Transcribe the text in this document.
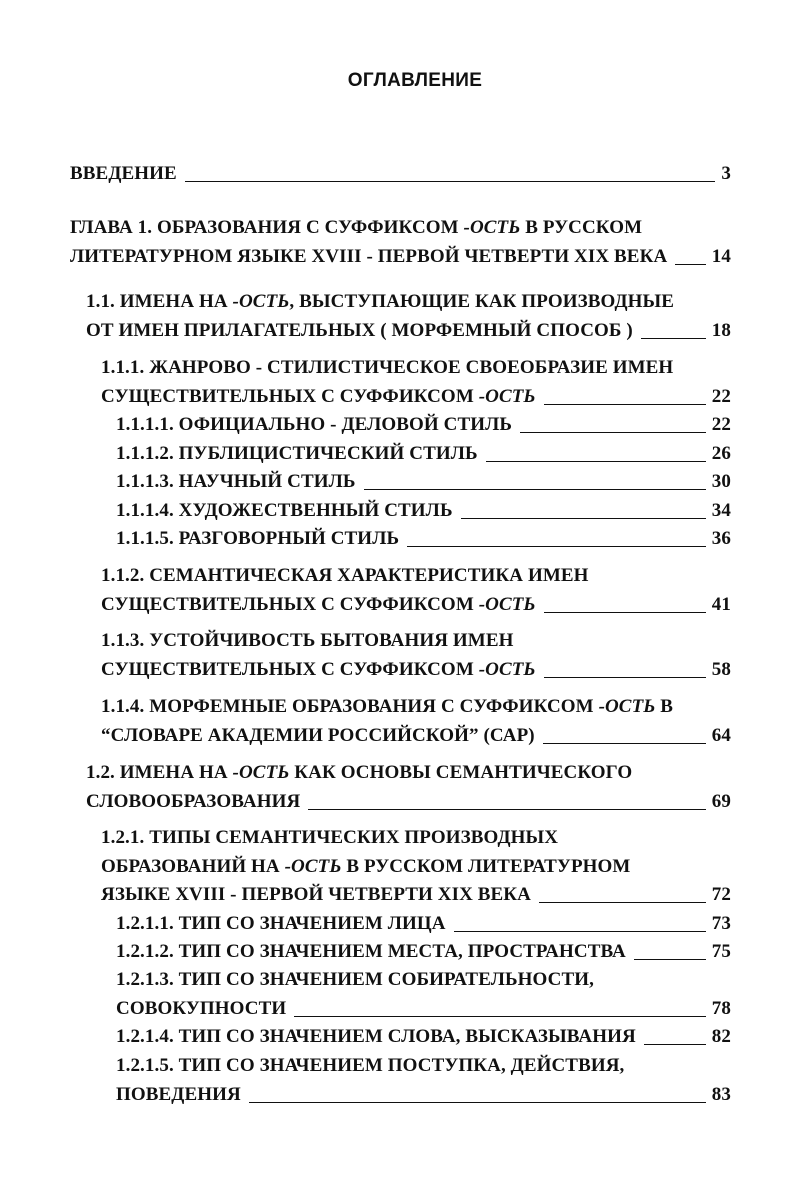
ОГЛАВЛЕНИЕ
ВВЕДЕНИЕ	3
ГЛАВА 1. ОБРАЗОВАНИЯ С СУФФИКСОМ -ОСТЬ В РУССКОМ
ЛИТЕРАТУРНОМ ЯЗЫКЕ XVIII - ПЕРВОЙ ЧЕТВЕРТИ XIX ВЕКА 14
1.1. ИМЕНА НА -ОСТЬ, ВЫСТУПАЮЩИЕ КАК ПРОИЗВОДНЫЕ
ОТ ИМЕН ПРИЛАГАТЕЛЬНЫХ ( МОРФЕМНЫЙ СПОСОБ )	18
1.1.1. ЖАНРОВО - СТИЛИСТИЧЕСКОЕ СВОЕОБРАЗИЕ ИМЕН
СУЩЕСТВИТЕЛЬНЫХ С СУФФИКСОМ -ОСТЬ	22
1.1.1.1. ОФИЦИАЛЬНО - ДЕЛОВОЙ СТИЛЬ	22
1.1.1.2. ПУБЛИЦИСТИЧЕСКИЙ СТИЛЬ	26
1.1.1.3. НАУЧНЫЙ СТИЛЬ	30
1.1.1.4. ХУДОЖЕСТВЕННЫЙ СТИЛЬ	34
1.1.1.5. РАЗГОВОРНЫЙ СТИЛЬ	36
1.1.2. СЕМАНТИЧЕСКАЯ ХАРАКТЕРИСТИКА ИМЕН
СУЩЕСТВИТЕЛЬНЫХ С СУФФИКСОМ -ОСТЬ	41
1.1.3. УСТОЙЧИВОСТЬ БЫТОВАНИЯ ИМЕН
СУЩЕСТВИТЕЛЬНЫХ С СУФФИКСОМ -ОСТЬ	58
1.1.4. МОРФЕМНЫЕ ОБРАЗОВАНИЯ С СУФФИКСОМ -ОСТЬ В
“СЛОВАРЕ АКАДЕМИИ РОССИЙСКОЙ” (САР)	64
1.2. ИМЕНА НА -ОСТЬ КАК ОСНОВЫ СЕМАНТИЧЕСКОГО
СЛОВООБРАЗОВАНИЯ	69
1.2.1. ТИПЫ СЕМАНТИЧЕСКИХ ПРОИЗВОДНЫХ
ОБРАЗОВАНИЙ НА -ОСТЬ В РУССКОМ ЛИТЕРАТУРНОМ
ЯЗЫКЕ XVIII - ПЕРВОЙ ЧЕТВЕРТИ XIX ВЕКА	72
1.2.1.1. ТИП СО ЗНАЧЕНИЕМ ЛИЦА	73
1.2.1.2. ТИП СО ЗНАЧЕНИЕМ МЕСТА, ПРОСТРАНСТВА	75
1.2.1.3. ТИП СО ЗНАЧЕНИЕМ СОБИРАТЕЛЬНОСТИ,
СОВОКУПНОСТИ	78
1.2.1.4. ТИП СО ЗНАЧЕНИЕМ СЛОВА, ВЫСКАЗЫВАНИЯ	82
1.2.1.5. ТИП СО ЗНАЧЕНИЕМ ПОСТУПКА, ДЕЙСТВИЯ,
ПОВЕДЕНИЯ	83
